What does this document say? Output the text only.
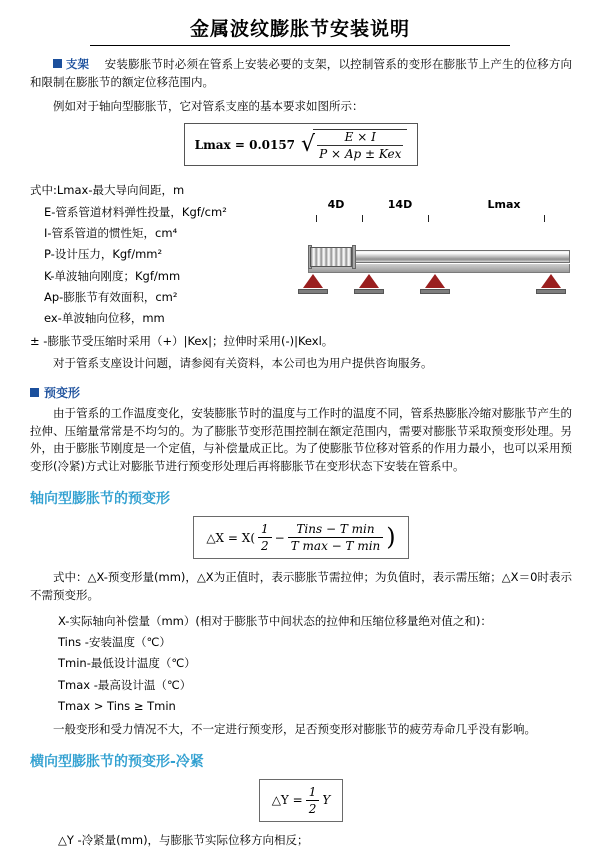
金属波纹膨胀节安装说明

支架 安装膨胀节时必须在管系上安装必要的支架，以控制管系的变形在膨胀节上产生的位移方向和限制在膨胀节的额定位移范围内。

例如对于轴向型膨胀节，它对管系支座的基本要求如图所示：

Lmax = 0.0157 √
$\frac{E \times I}{\text{P × Ap ± Kex}}$
式中:Lmax-最大导向间距，m
E-管系管道材料弹性投量，Kgf/cm²
I-管系管道的惯性矩，cm⁴
P-设计压力，Kgf/mm²
K-单波轴向刚度；Kgf/mm
Ap-膨胀节有效面积，cm²
ex-单波轴向位移，mm
4D	14D	Lmax
± -膨胀节受压缩时采用（+）|Kex|；拉伸时采用(-)|Kexl。
对于管系支座设计问题，请参阅有关资料，本公司也为用户提供咨询服务。
预变形

由于管系的工作温度变化，安装膨胀节时的温度与工作时的温度不同，管系热膨胀冷缩对膨胀节产生的拉伸、压缩量常常是不均匀的。为了膨胀节变形范围控制在额定范围内，需要对膨胀节采取预变形处理。另外，由于膨胀节刚度是一个定值，与补偿量成正比。为了使膨胀节位移对管系的作用力最小，也可以采用预变形(冷紧)方式让对膨胀节进行预变形处理后再将膨胀节在变形状态下安装在管系中。

轴向型膨胀节的预变形
△X = $X( \frac{1}{2} - \frac{\text{Tins − T min}}{\text{T max − T min}}$ )

式中：△X-预变形量(mm)，△X为正值时，表示膨胀节需拉伸；为负值时，表示需压缩；△X＝0时表示不需预变形。

X-实际轴向补偿量（mm）(相对于膨胀节中间状态的拉伸和压缩位移量绝对值之和)：
Tins -安装温度（℃）
Tmin-最低设计温度（℃）
Tmax -最高设计温（℃）
Tmax > Tins ≥ Tmin

一般变形和受力情况不大，不一定进行预变形，足否预变形对膨胀节的疲劳寿命几乎没有影响。

横向型膨胀节的预变形-冷紧
△Y = $\frac{1}{2}$ Y

△Y -冷紧量(mm)，与膨胀节实际位移方向相反；
